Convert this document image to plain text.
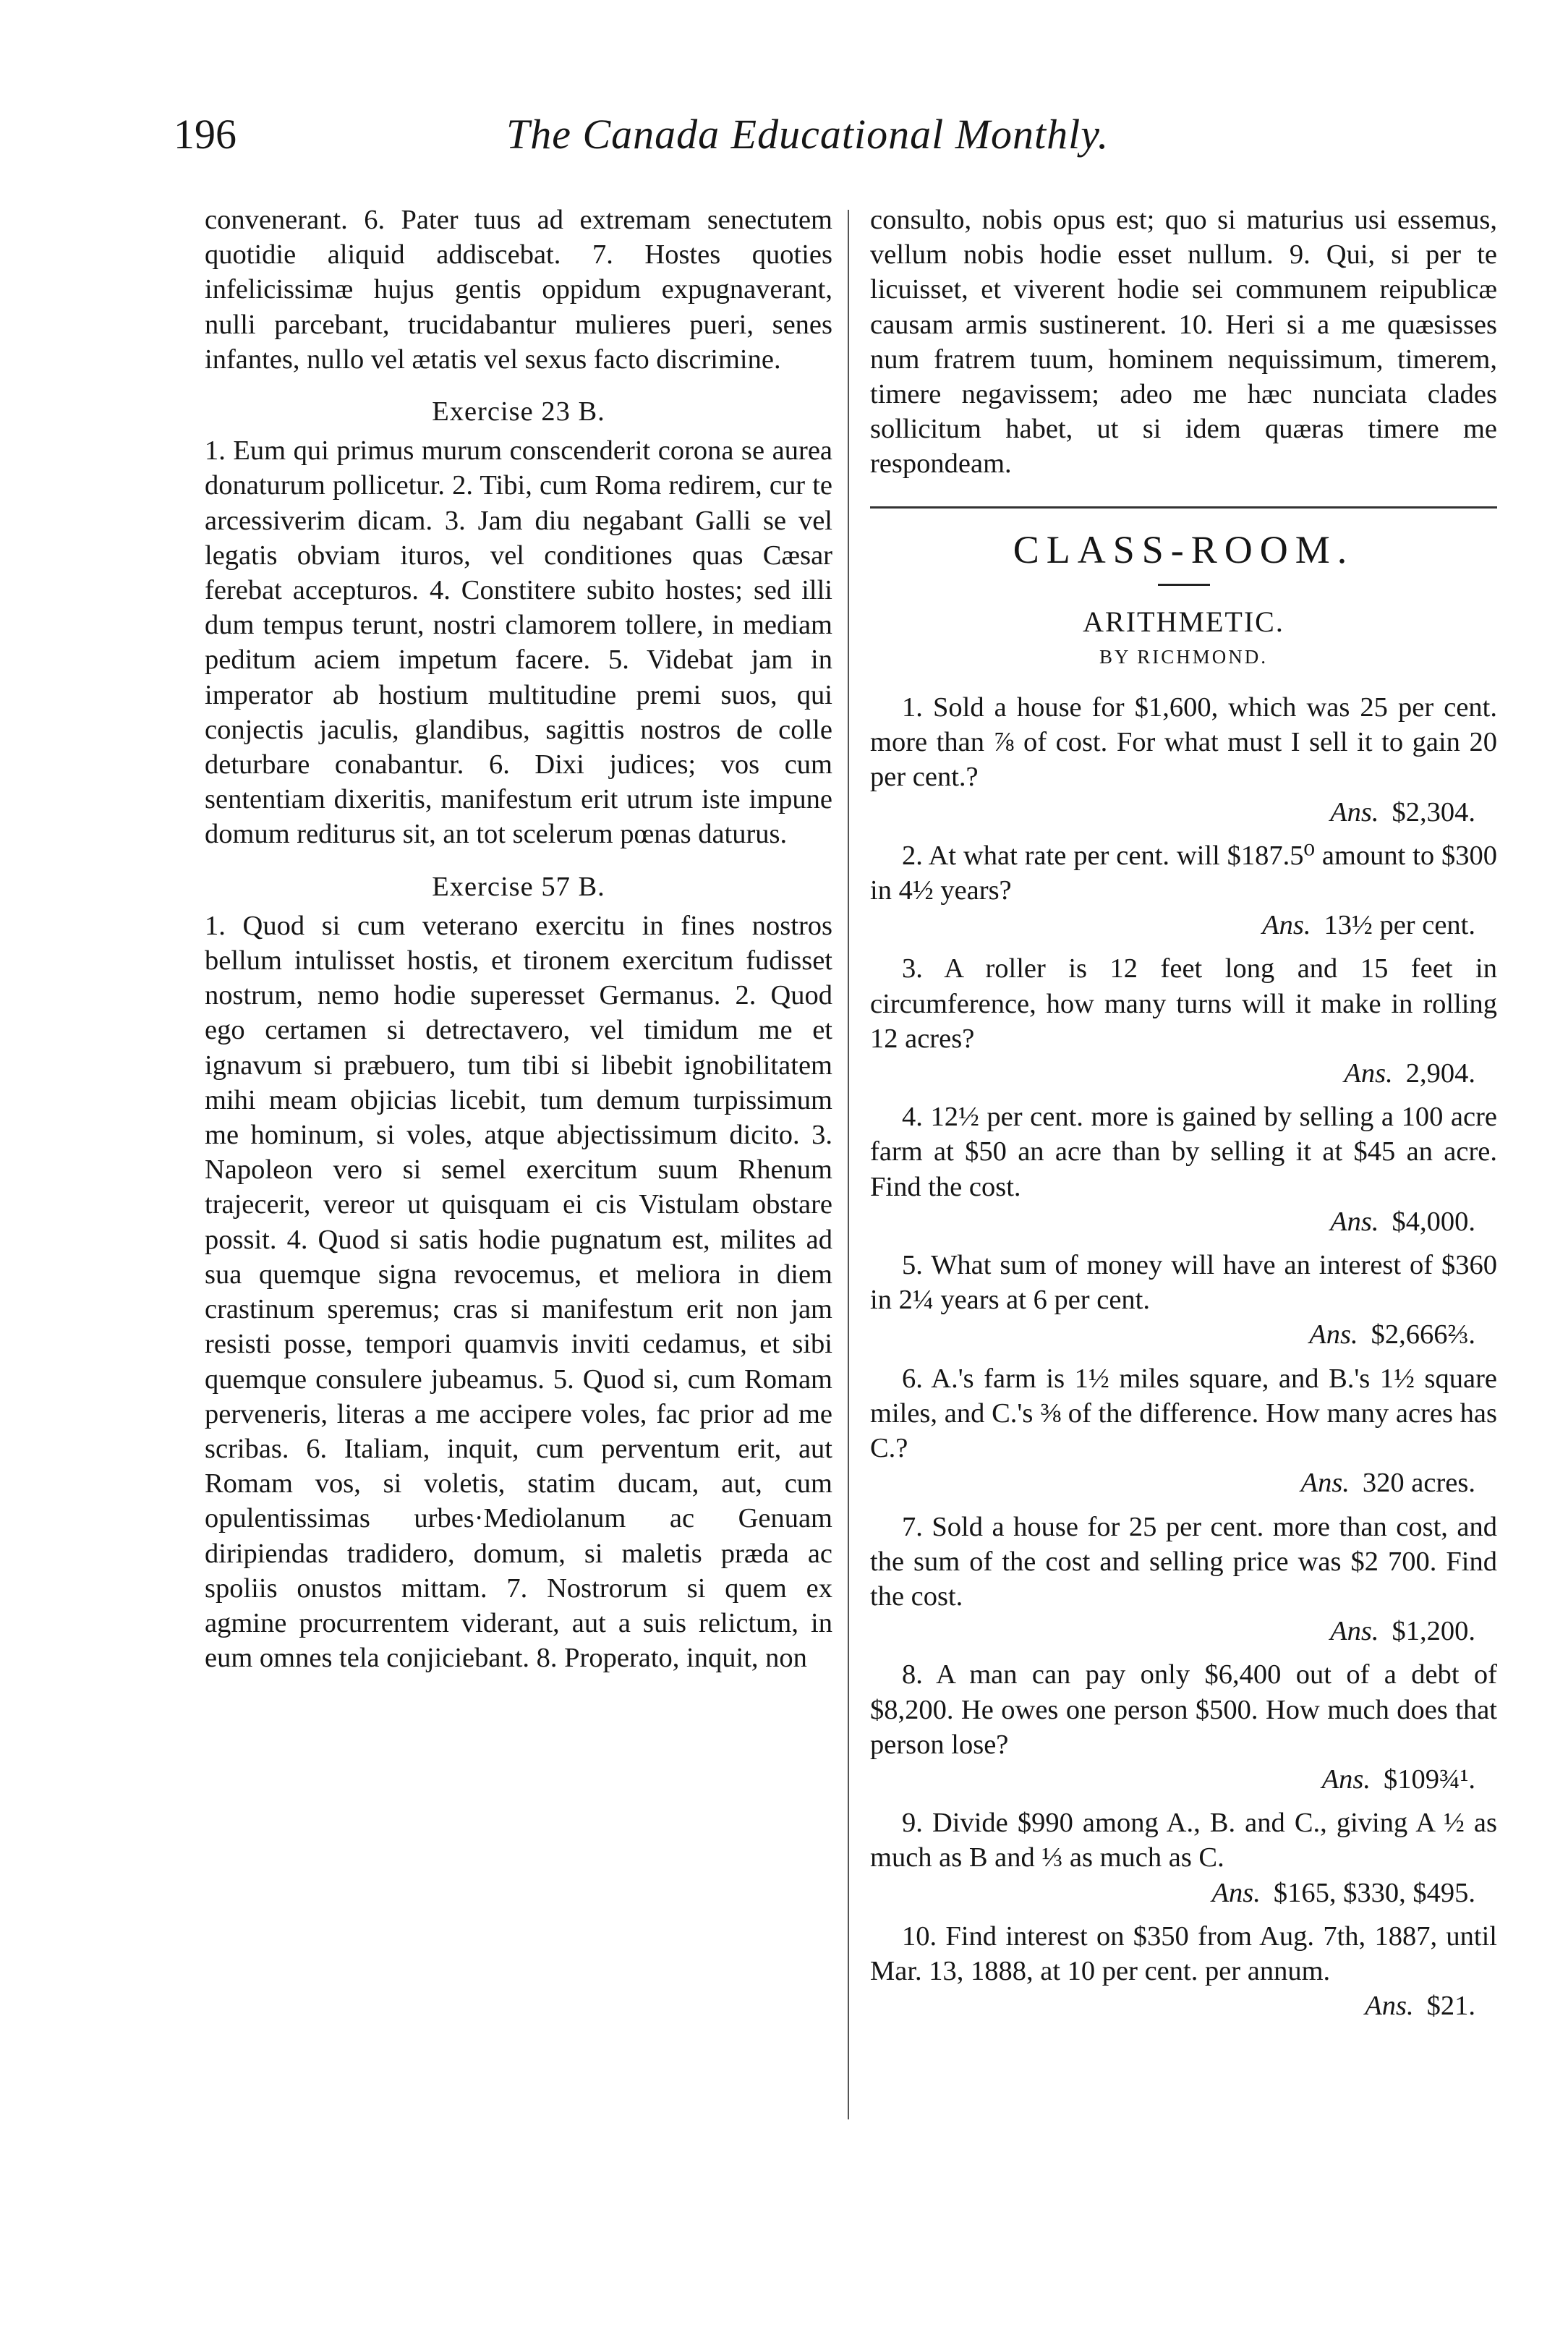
196	The Canada Educational Monthly.

convenerant. 6. Pater tuus ad extremam senectutem quotidie aliquid addiscebat. 7. Hostes quoties infelicissimæ hujus gentis oppidum expugnaverant, nulli parcebant, trucidabantur mulieres pueri, senes infantes, nullo vel ætatis vel sexus facto discrimine.

Exercise 23 B.

1. Eum qui primus murum conscenderit corona se aurea donaturum pollicetur. 2. Tibi, cum Roma redirem, cur te arcessiverim dicam. 3. Jam diu negabant Galli se vel legatis obviam ituros, vel conditiones quas Cæsar ferebat accepturos. 4. Constitere subito hostes; sed illi dum tempus terunt, nostri clamorem tollere, in mediam peditum aciem impetum facere. 5. Videbat jam in imperator ab hostium multitudine premi suos, qui conjectis jaculis, glandibus, sagittis nostros de colle deturbare conabantur. 6. Dixi judices; vos cum sententiam dixeritis, manifestum erit utrum iste impune domum rediturus sit, an tot scelerum pœnas daturus.

Exercise 57 B.

1. Quod si cum veterano exercitu in fines nostros bellum intulisset hostis, et tironem exercitum fudisset nostrum, nemo hodie superesset Germanus. 2. Quod ego certamen si detrectavero, vel timidum me et ignavum si præbuero, tum tibi si libebit ignobilitatem mihi meam objicias licebit, tum demum turpissimum me hominum, si voles, atque abjectissimum dicito. 3. Napoleon vero si semel exercitum suum Rhenum trajecerit, vereor ut quisquam ei cis Vistulam obstare possit. 4. Quod si satis hodie pugnatum est, milites ad sua quemque signa revocemus, et meliora in diem crastinum speremus; cras si manifestum erit non jam resisti posse, tempori quamvis inviti cedamus, et sibi quemque consulere jubeamus. 5. Quod si, cum Romam perveneris, literas a me accipere voles, fac prior ad me scribas. 6. Italiam, inquit, cum perventum erit, aut Romam vos, si voletis, statim ducam, aut, cum opulentissimas urbes·Mediolanum ac Genuam diripiendas tradidero, domum, si maletis præda ac spoliis onustos mittam. 7. Nostrorum si quem ex agmine procurrentem viderant, aut a suis relictum, in eum omnes tela conjiciebant. 8. Properato, inquit, non

consulto, nobis opus est; quo si maturius usi essemus, vellum nobis hodie esset nullum. 9. Qui, si per te licuisset, et viverent hodie sei communem reipublicæ causam armis sustinerent. 10. Heri si a me quæsisses num fratrem tuum, hominem nequissimum, timerem, timere negavissem; adeo me hæc nunciata clades sollicitum habet, ut si idem quæras timere me respondeam.

CLASS-ROOM.

ARITHMETIC.

BY RICHMOND.

1. Sold a house for $1,600, which was 25 per cent. more than ⅞ of cost. For what must I sell it to gain 20 per cent.?
Ans. $2,304.

2. At what rate per cent. will $187.5⁰ amount to $300 in 4½ years?
Ans. 13½ per cent.

3. A roller is 12 feet long and 15 feet in circumference, how many turns will it make in rolling 12 acres?
Ans. 2,904.

4. 12½ per cent. more is gained by selling a 100 acre farm at $50 an acre than by selling it at $45 an acre. Find the cost.
Ans. $4,000.

5. What sum of money will have an interest of $360 in 2¼ years at 6 per cent.
Ans. $2,666⅔.

6. A.'s farm is 1½ miles square, and B.'s 1½ square miles, and C.'s ⅜ of the difference. How many acres has C.?
Ans. 320 acres.

7. Sold a house for 25 per cent. more than cost, and the sum of the cost and selling price was $2 700. Find the cost.
Ans. $1,200.

8. A man can pay only $6,400 out of a debt of $8,200. He owes one person $500. How much does that person lose?
Ans. $109¾¹.

9. Divide $990 among A., B. and C., giving A ½ as much as B and ⅓ as much as C.
Ans. $165, $330, $495.

10. Find interest on $350 from Aug. 7th, 1887, until Mar. 13, 1888, at 10 per cent. per annum.
Ans. $21.
